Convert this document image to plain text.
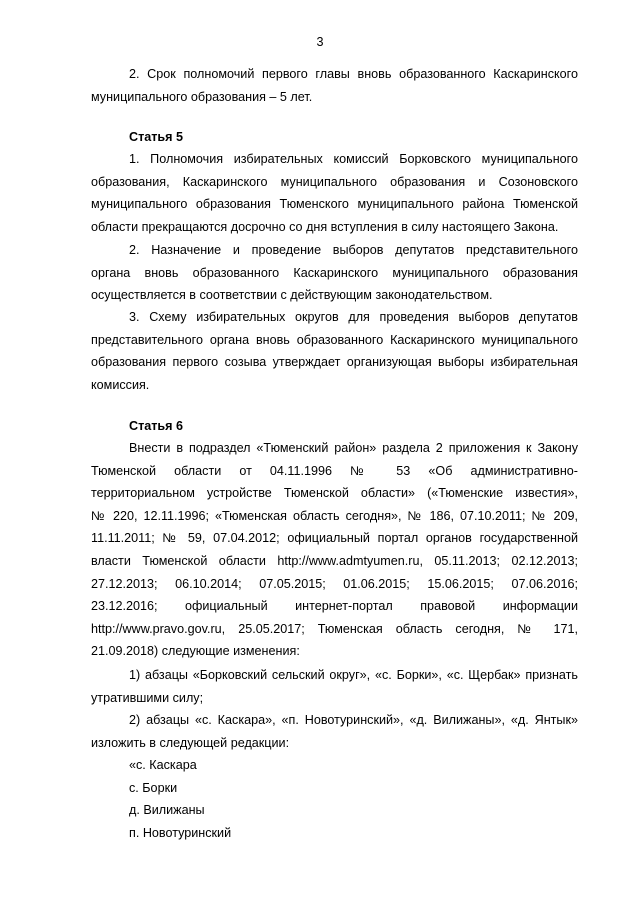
3
2. Срок полномочий первого главы вновь образованного Каскаринского
муниципального образования – 5 лет.
Статья 5
1. Полномочия избирательных комиссий Борковского муниципального
образования, Каскаринского муниципального образования и Созоновского
муниципального образования Тюменского муниципального района Тюменской
области прекращаются досрочно со дня вступления в силу настоящего Закона.
2. Назначение и проведение выборов депутатов представительного
органа вновь образованного Каскаринского муниципального образования
осуществляется в соответствии с действующим законодательством.
3. Схему избирательных округов для проведения выборов депутатов
представительного органа вновь образованного Каскаринского муниципального
образования первого созыва утверждает организующая выборы избирательная
комиссия.
Статья 6
Внести в подраздел «Тюменский район» раздела 2 приложения к Закону
Тюменской области от 04.11.1996 № 53 «Об административно-
территориальном устройстве Тюменской области» («Тюменские известия»,
№ 220, 12.11.1996; «Тюменская область сегодня», № 186, 07.10.2011; № 209,
11.11.2011; № 59, 07.04.2012; официальный портал органов государственной
власти Тюменской области http://www.admtyumen.ru, 05.11.2013; 02.12.2013;
27.12.2013; 06.10.2014; 07.05.2015; 01.06.2015; 15.06.2015; 07.06.2016;
23.12.2016; официальный интернет-портал правовой информации
http://www.pravo.gov.ru, 25.05.2017; Тюменская область сегодня, № 171,
21.09.2018) следующие изменения:
1) абзацы «Борковский сельский округ», «с. Борки», «с. Щербак» признать
утратившими силу;
2) абзацы «с. Каскара», «п. Новотуринский», «д. Вилижаны», «д. Янтык»
изложить в следующей редакции:
«с. Каскара
с. Борки
д. Вилижаны
п. Новотуринский
